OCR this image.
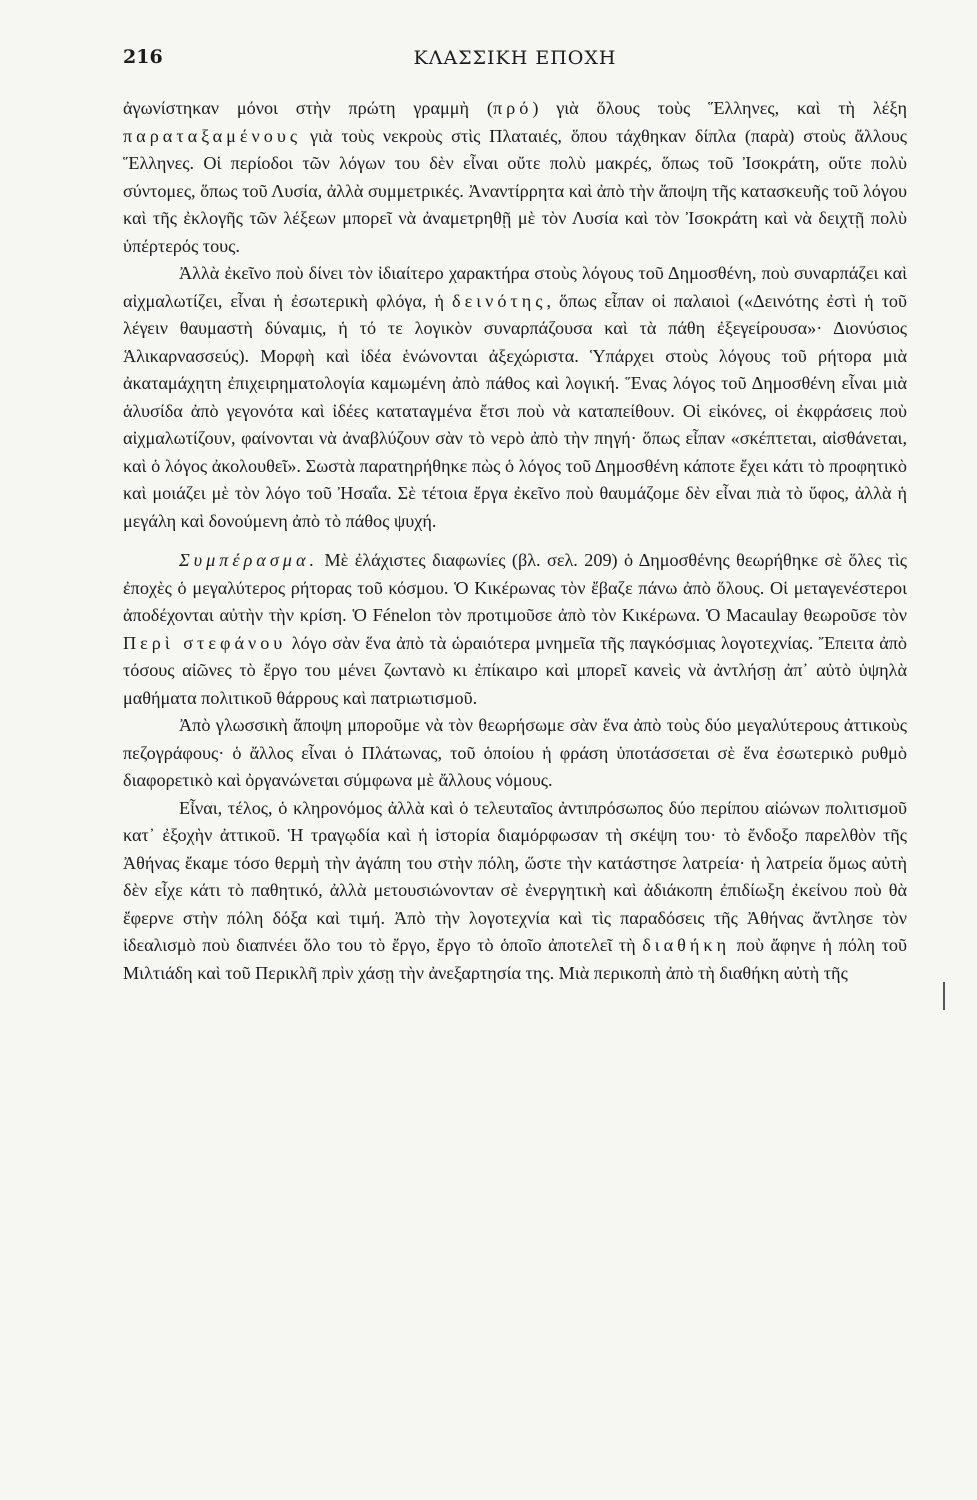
216	ΚΛΑΣΣΙΚΗ ΕΠΟΧΗ

ἀγωνίστηκαν μόνοι στὴν πρώτη γραμμὴ (πρό) γιὰ ὅλους τοὺς Ἕλληνες, καὶ τὴ λέξη παραταξαμένους γιὰ τοὺς νεκροὺς στὶς Πλαταιές, ὅπου τάχθηκαν δίπλα (παρὰ) στοὺς ἄλλους Ἕλληνες. Οἱ περίοδοι τῶν λόγων του δὲν εἶναι οὔτε πολὺ μακρές, ὅπως τοῦ Ἰσοκράτη, οὔτε πολὺ σύντομες, ὅπως τοῦ Λυσία, ἀλλὰ συμμετρικές. Ἀναντίρρητα καὶ ἀπὸ τὴν ἄποψη τῆς κατασκευῆς τοῦ λόγου καὶ τῆς ἐκλογῆς τῶν λέξεων μπορεῖ νὰ ἀναμετρηθῇ μὲ τὸν Λυσία καὶ τὸν Ἰσοκράτη καὶ νὰ δειχτῇ πολὺ ὑπέρτερός τους.

Ἀλλὰ ἐκεῖνο ποὺ δίνει τὸν ἰδιαίτερο χαρακτήρα στοὺς λόγους τοῦ Δημοσθένη, ποὺ συναρπάζει καὶ αἰχμαλωτίζει, εἶναι ἡ ἐσωτερικὴ φλόγα, ἡ δεινότης, ὅπως εἶπαν οἱ παλαιοὶ («Δεινότης ἐστὶ ἡ τοῦ λέγειν θαυμαστὴ δύναμις, ἡ τό τε λογικὸν συναρπάζουσα καὶ τὰ πάθη ἐξεγείρουσα»· Διονύσιος Ἁλικαρνασσεύς). Μορφὴ καὶ ἰδέα ἑνώνονται ἀξεχώριστα. Ὑπάρχει στοὺς λόγους τοῦ ρήτορα μιὰ ἀκαταμάχητη ἐπιχειρηματολογία καμωμένη ἀπὸ πάθος καὶ λογική. Ἕνας λόγος τοῦ Δημοσθένη εἶναι μιὰ ἁλυσίδα ἀπὸ γεγονότα καὶ ἰδέες καταταγμένα ἔτσι ποὺ νὰ καταπείθουν. Οἱ εἰκόνες, οἱ ἐκφράσεις ποὺ αἰχμαλωτίζουν, φαίνονται νὰ ἀναβλύζουν σὰν τὸ νερὸ ἀπὸ τὴν πηγή· ὅπως εἶπαν «σκέπτεται, αἰσθάνεται, καὶ ὁ λόγος ἀκολουθεῖ». Σωστὰ παρατηρήθηκε πὼς ὁ λόγος τοῦ Δημοσθένη κάποτε ἔχει κάτι τὸ προφητικὸ καὶ μοιάζει μὲ τὸν λόγο τοῦ Ἠσαΐα. Σὲ τέτοια ἔργα ἐκεῖνο ποὺ θαυμάζομε δὲν εἶναι πιὰ τὸ ὕφος, ἀλλὰ ἡ μεγάλη καὶ δονούμενη ἀπὸ τὸ πάθος ψυχή.

Συμπέρασμα. Μὲ ἐλάχιστες διαφωνίες (βλ. σελ. 209) ὁ Δημοσθένης θεωρήθηκε σὲ ὅλες τὶς ἐποχὲς ὁ μεγαλύτερος ρήτορας τοῦ κόσμου. Ὁ Κικέρωνας τὸν ἔβαζε πάνω ἀπὸ ὅλους. Οἱ μεταγενέστεροι ἀποδέχονται αὐτὴν τὴν κρίση. Ὁ Fénelon τὸν προτιμοῦσε ἀπὸ τὸν Κικέρωνα. Ὁ Macaulay θεωροῦσε τὸν Περὶ στεφάνου λόγο σὰν ἕνα ἀπὸ τὰ ὡραιότερα μνημεῖα τῆς παγκόσμιας λογοτεχνίας. Ἔπειτα ἀπὸ τόσους αἰῶνες τὸ ἔργο του μένει ζωντανὸ κι ἐπίκαιρο καὶ μπορεῖ κανεὶς νὰ ἀντλήσῃ ἀπ᾿ αὐτὸ ὑψηλὰ μαθήματα πολιτικοῦ θάρρους καὶ πατριωτισμοῦ.

Ἀπὸ γλωσσικὴ ἄποψη μποροῦμε νὰ τὸν θεωρήσωμε σὰν ἕνα ἀπὸ τοὺς δύο μεγαλύτερους ἀττικοὺς πεζογράφους· ὁ ἄλλος εἶναι ὁ Πλάτωνας, τοῦ ὁποίου ἡ φράση ὑποτάσσεται σὲ ἕνα ἐσωτερικὸ ρυθμὸ διαφορετικὸ καὶ ὀργανώνεται σύμφωνα μὲ ἄλλους νόμους.

Εἶναι, τέλος, ὁ κληρονόμος ἀλλὰ καὶ ὁ τελευταῖος ἀντιπρόσωπος δύο περίπου αἰώνων πολιτισμοῦ κατ᾿ ἐξοχὴν ἀττικοῦ. Ἡ τραγῳδία καὶ ἡ ἱστορία διαμόρφωσαν τὴ σκέψη του· τὸ ἔνδοξο παρελθὸν τῆς Ἀθήνας ἔκαμε τόσο θερμὴ τὴν ἀγάπη του στὴν πόλη, ὥστε τὴν κατάστησε λατρεία· ἡ λατρεία ὅμως αὐτὴ δὲν εἶχε κάτι τὸ παθητικό, ἀλλὰ μετουσιώνονταν σὲ ἐνεργητικὴ καὶ ἀδιάκοπη ἐπιδίωξη ἐκείνου ποὺ θὰ ἔφερνε στὴν πόλη δόξα καὶ τιμή. Ἀπὸ τὴν λογοτεχνία καὶ τὶς παραδόσεις τῆς Ἀθήνας ἄντλησε τὸν ἰδεαλισμὸ ποὺ διαπνέει ὅλο του τὸ ἔργο, ἔργο τὸ ὁποῖο ἀποτελεῖ τὴ διαθήκη ποὺ ἄφηνε ἡ πόλη τοῦ Μιλτιάδη καὶ τοῦ Περικλῆ πρὶν χάσῃ τὴν ἀνεξαρτησία της. Μιὰ περικοπὴ ἀπὸ τὴ διαθήκη αὐτὴ τῆς
